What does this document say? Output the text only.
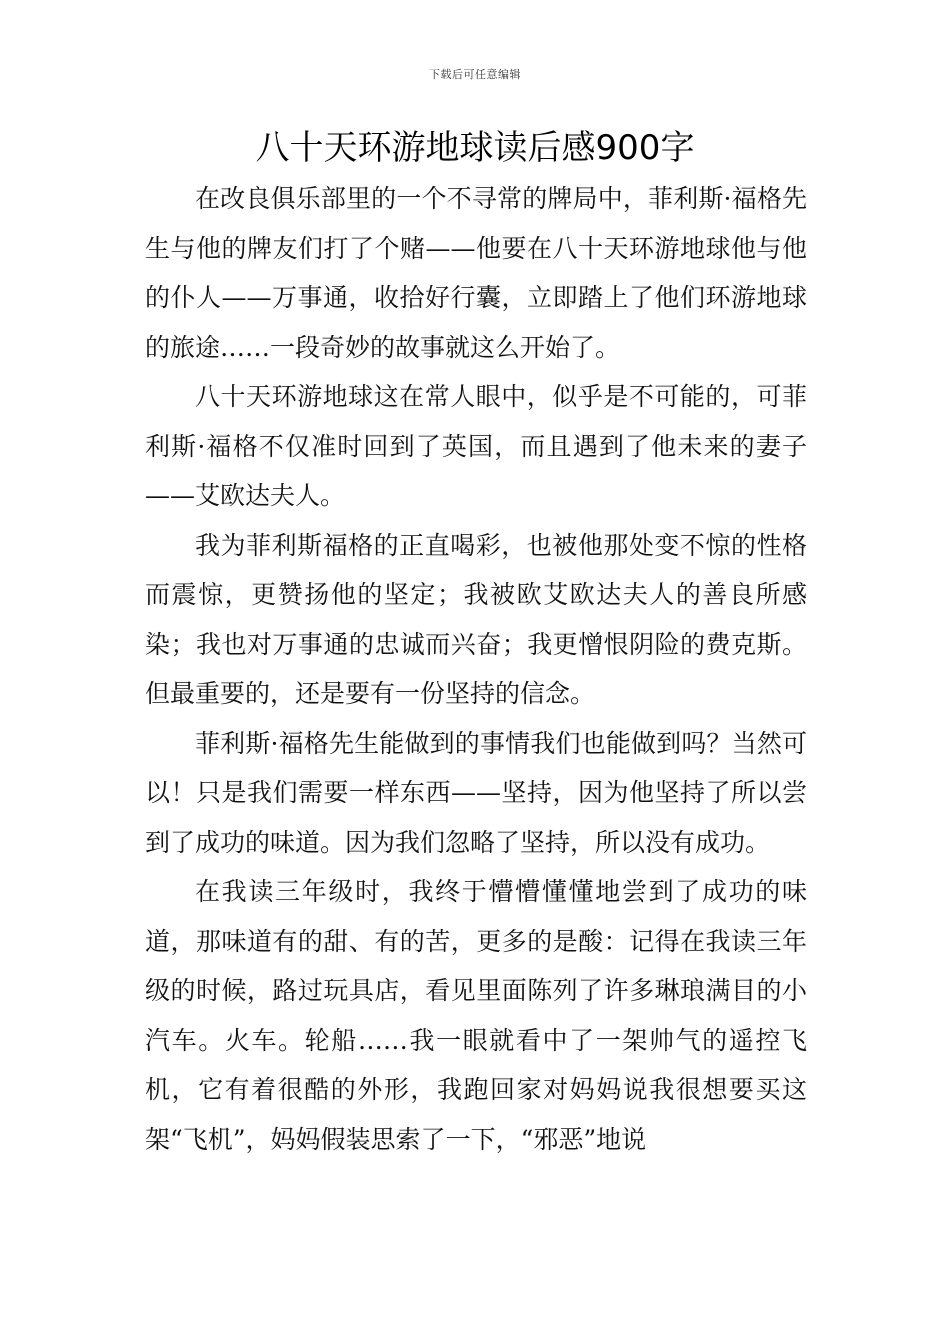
下载后可任意编辑
八十天环游地球读后感900字

在改良俱乐部里的一个不寻常的牌局中，菲利斯·福格先生与他的牌友们打了个赌——他要在八十天环游地球他与他的仆人——万事通，收拾好行囊，立即踏上了他们环游地球的旅途……一段奇妙的故事就这么开始了。

八十天环游地球这在常人眼中，似乎是不可能的，可菲利斯·福格不仅准时回到了英国，而且遇到了他未来的妻子——艾欧达夫人。

我为菲利斯福格的正直喝彩，也被他那处变不惊的性格而震惊，更赞扬他的坚定；我被欧艾欧达夫人的善良所感染；我也对万事通的忠诚而兴奋；我更憎恨阴险的费克斯。但最重要的，还是要有一份坚持的信念。

菲利斯·福格先生能做到的事情我们也能做到吗？当然可以！只是我们需要一样东西——坚持，因为他坚持了所以尝到了成功的味道。因为我们忽略了坚持，所以没有成功。

在我读三年级时，我终于懵懵懂懂地尝到了成功的味道，那味道有的甜、有的苦，更多的是酸：记得在我读三年级的时候，路过玩具店，看见里面陈列了许多琳琅满目的小汽车。火车。轮船……我一眼就看中了一架帅气的遥控飞机，它有着很酷的外形，我跑回家对妈妈说我很想要买这架“飞机”，妈妈假装思索了一下，“邪恶”地说
